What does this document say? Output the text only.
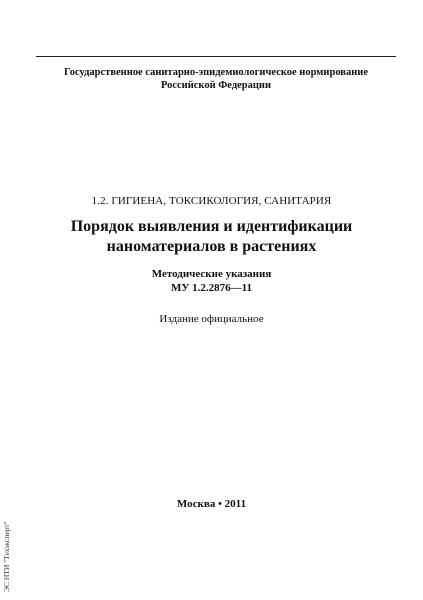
Государственное санитарно-эпидемиологическое нормирование
Российской Федерации
1.2. ГИГИЕНА, ТОКСИКОЛОГИЯ, САНИТАРИЯ
Порядок выявления и идентификации
наноматериалов в растениях
Методические указания
МУ 1.2.2876—11
Издание официальное
Москва • 2011
ЭС НТИ "Техэксперт"
